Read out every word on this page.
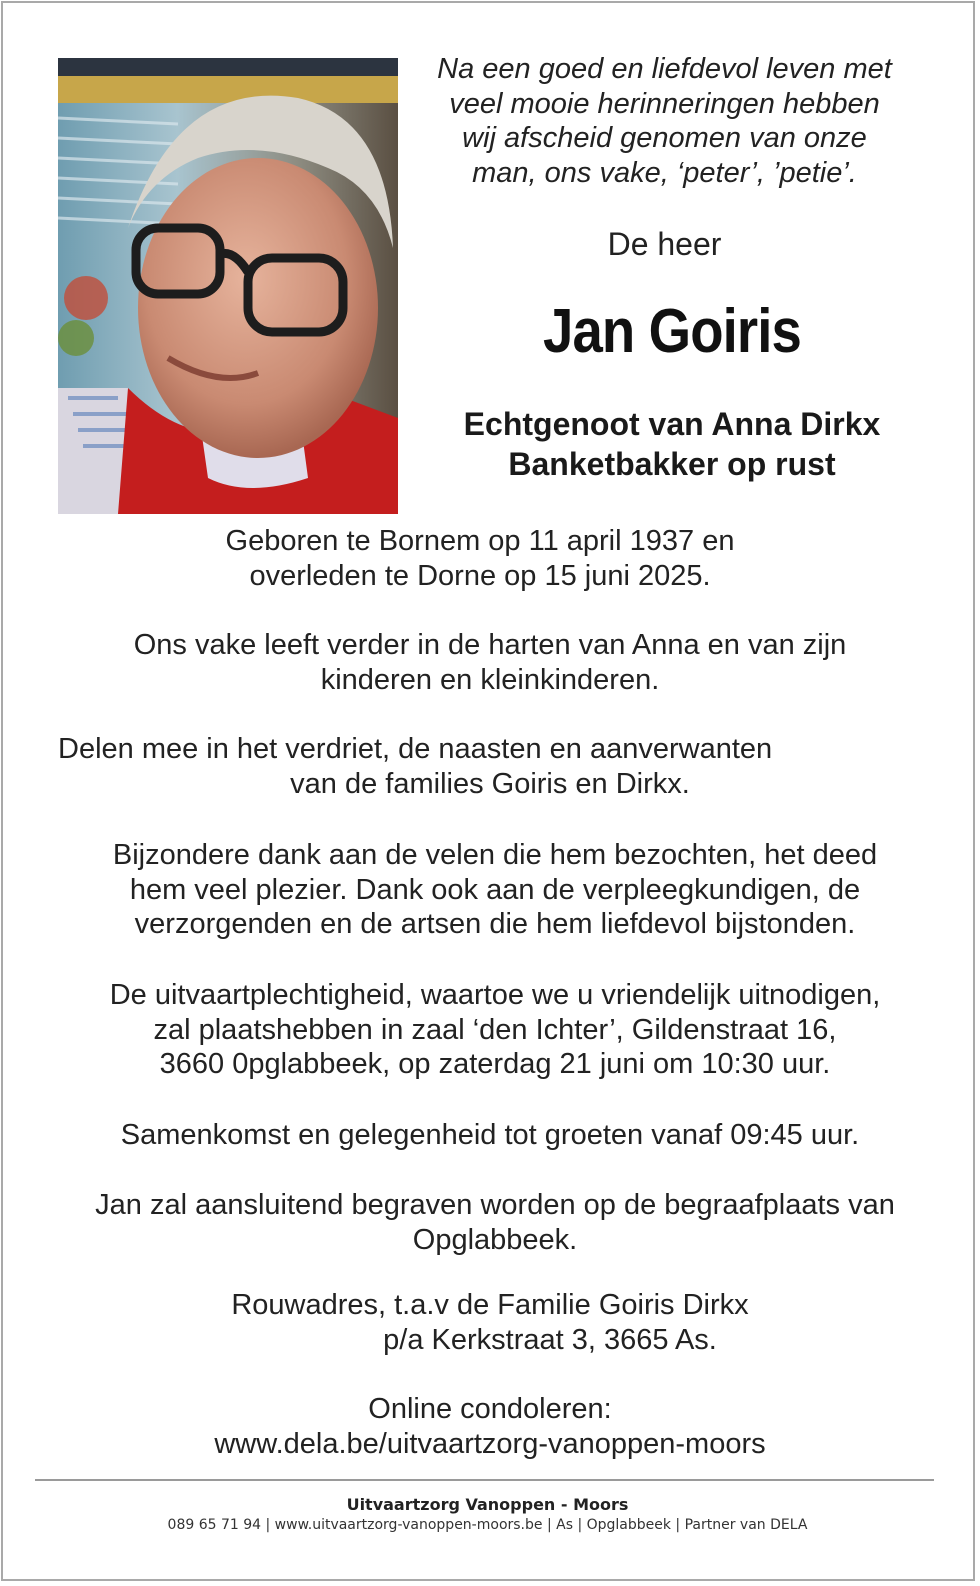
Na een goed en liefdevol leven met
veel mooie herinneringen hebben
wij afscheid genomen van onze
man, ons vake, ‘peter’, ’petie’.
De heer
Jan Goiris
Echtgenoot van Anna Dirkx
Banketbakker op rust
Geboren te Bornem op 11 april 1937 en
overleden te Dorne op 15 juni 2025.
Ons vake leeft verder in de harten van Anna en van zijn
kinderen en kleinkinderen.
Delen mee in het verdriet, de naasten en aanverwanten
van de families Goiris en Dirkx.
Bijzondere dank aan de velen die hem bezochten, het deed
hem veel plezier. Dank ook aan de verpleegkundigen, de
verzorgenden en de artsen die hem liefdevol bijstonden.
De uitvaartplechtigheid, waartoe we u vriendelijk uitnodigen,
zal plaatshebben in zaal ‘den Ichter’, Gildenstraat 16,
3660 0pglabbeek, op zaterdag 21 juni om 10:30 uur.
Samenkomst en gelegenheid tot groeten vanaf 09:45 uur.
Jan zal aansluitend begraven worden op de begraafplaats van
Opglabbeek.
Rouwadres, t.a.v de Familie Goiris Dirkx
p/a Kerkstraat 3, 3665 As.
Online condoleren:
www.dela.be/uitvaartzorg-vanoppen-moors
Uitvaartzorg Vanoppen - Moors
089 65 71 94 | www.uitvaartzorg-vanoppen-moors.be | As | Opglabbeek | Partner van DELA
